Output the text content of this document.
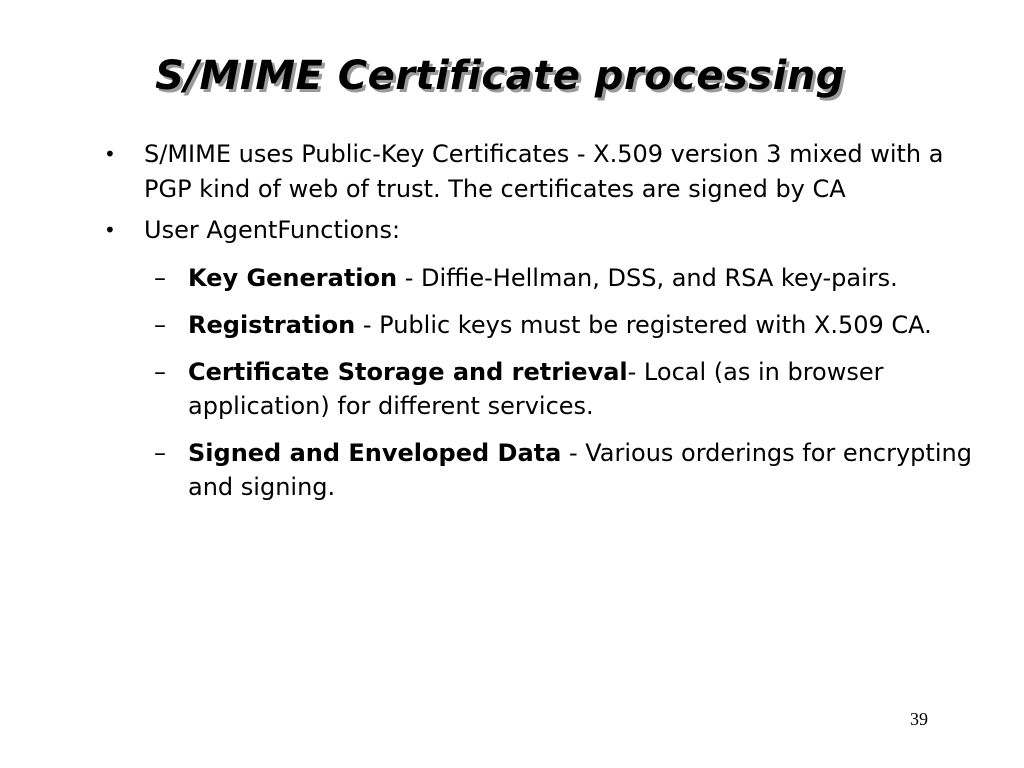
S/MIME Certificate processing
•	S/MIME uses Public-Key Certificates - X.509 version 3 mixed with a PGP kind of web of trust. The certificates are signed by CA
•	User AgentFunctions:
– Key Generation - Diffie-Hellman, DSS, and RSA key-pairs.
– Registration - Public keys must be registered with X.509 CA.
– Certificate Storage and retrieval- Local (as in browser application) for different services.
– Signed and Enveloped Data - Various orderings for encrypting and signing.
39
